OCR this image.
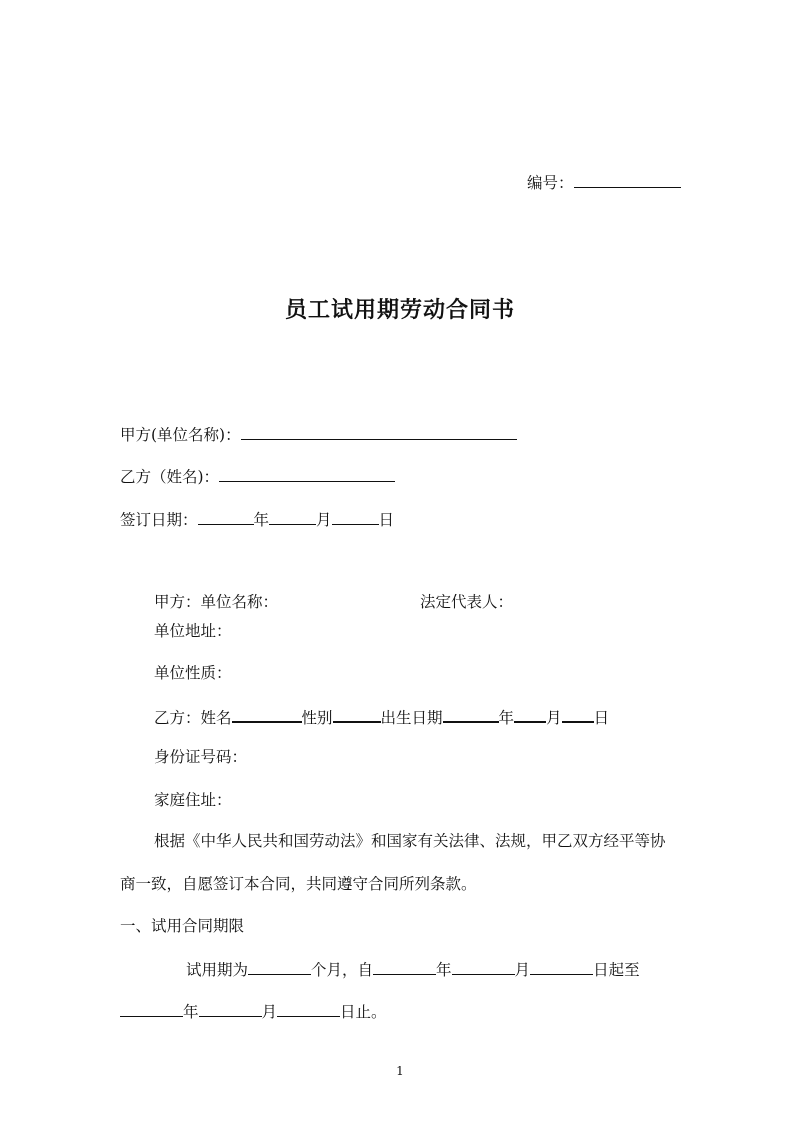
编号：
员工试用期劳动合同书
甲方(单位名称)：
乙方（姓名)：
签订日期：	年	月	日
甲方：单位名称：	法定代表人：
单位地址：
单位性质：
乙方：姓名	性别	出生日期	年 月 日
身份证号码：
家庭住址：
根据《中华人民共和国劳动法》和国家有关法律、法规，甲乙双方经平等协
商一致，自愿签订本合同，共同遵守合同所列条款。
一、试用合同期限
试用期为	个月，自	年	月	日起至
年	月	日止。
1
